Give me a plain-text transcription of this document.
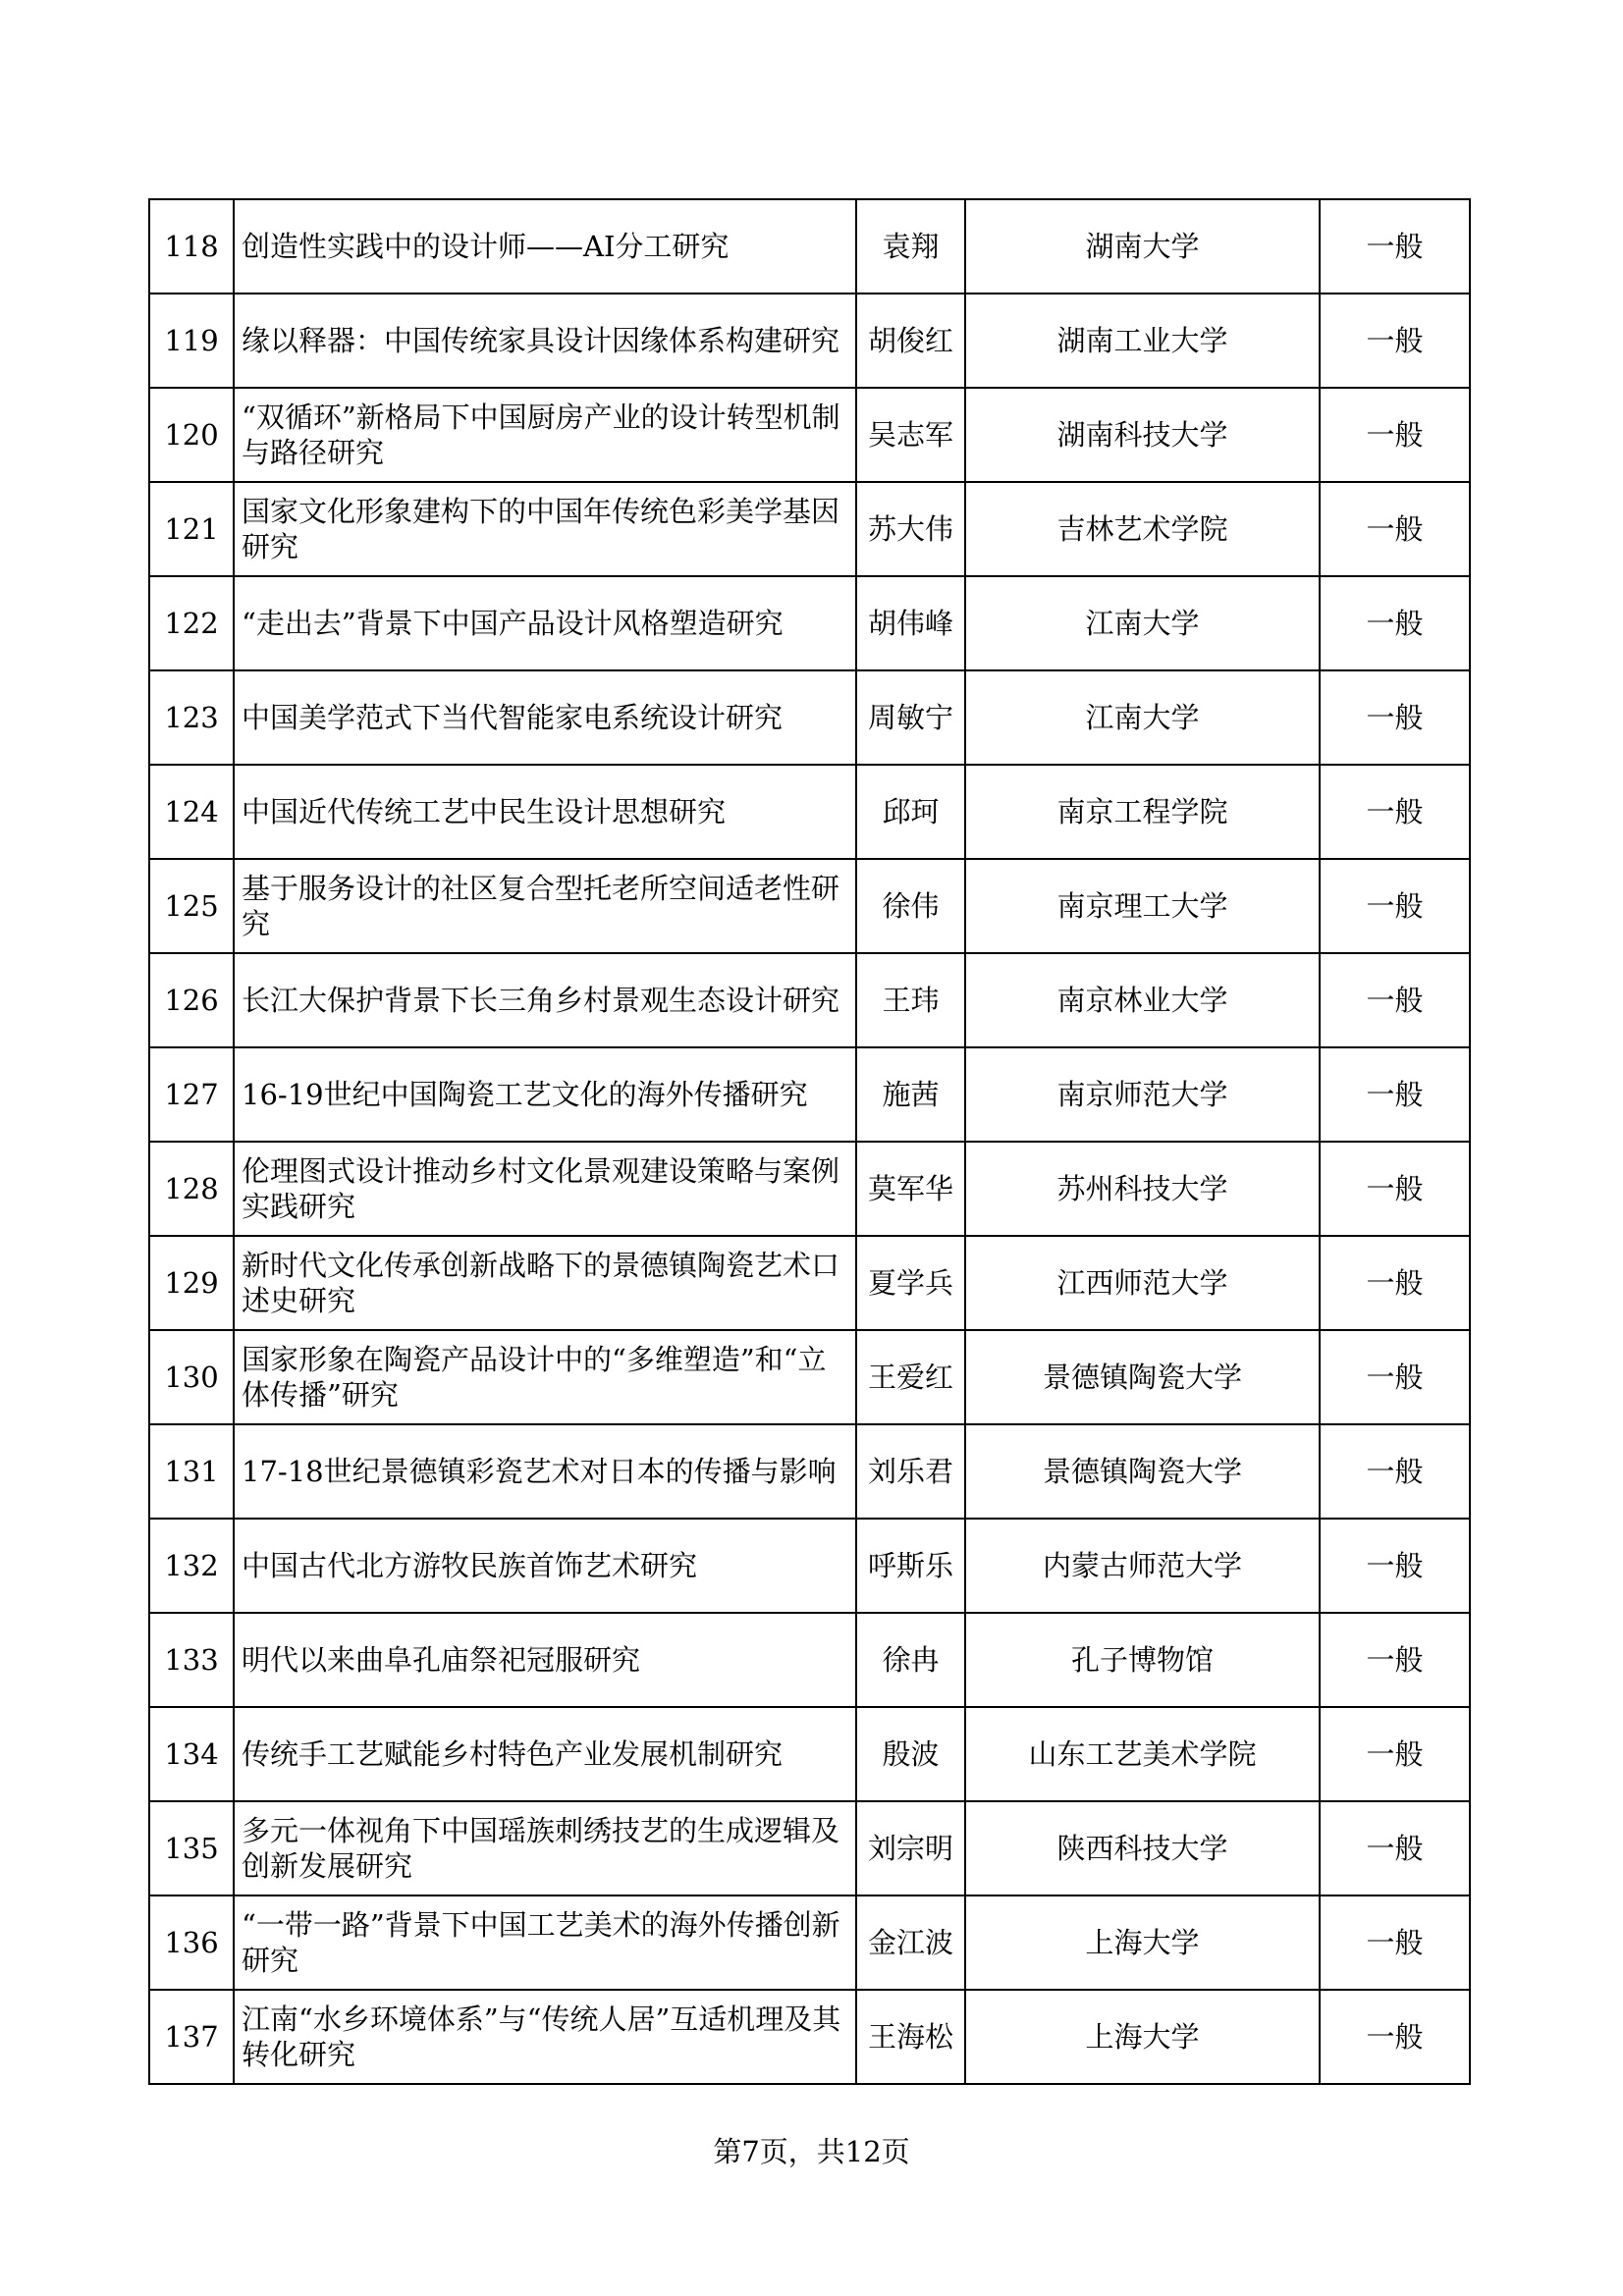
118	创造性实践中的设计师——AI分工研究	袁翔	湖南大学	一般
119	缘以释器：中国传统家具设计因缘体系构建研究	胡俊红	湖南工业大学	一般
120	“双循环”新格局下中国厨房产业的设计转型机制与路径研究	吴志军	湖南科技大学	一般
121	国家文化形象建构下的中国年传统色彩美学基因研究	苏大伟	吉林艺术学院	一般
122	“走出去”背景下中国产品设计风格塑造研究	胡伟峰	江南大学	一般
123	中国美学范式下当代智能家电系统设计研究	周敏宁	江南大学	一般
124	中国近代传统工艺中民生设计思想研究	邱珂	南京工程学院	一般
125	基于服务设计的社区复合型托老所空间适老性研究	徐伟	南京理工大学	一般
126	长江大保护背景下长三角乡村景观生态设计研究	王玮	南京林业大学	一般
127	16-19世纪中国陶瓷工艺文化的海外传播研究	施茜	南京师范大学	一般
128	伦理图式设计推动乡村文化景观建设策略与案例实践研究	莫军华	苏州科技大学	一般
129	新时代文化传承创新战略下的景德镇陶瓷艺术口述史研究	夏学兵	江西师范大学	一般
130	国家形象在陶瓷产品设计中的“多维塑造”和“立体传播”研究	王爱红	景德镇陶瓷大学	一般
131	17-18世纪景德镇彩瓷艺术对日本的传播与影响	刘乐君	景德镇陶瓷大学	一般
132	中国古代北方游牧民族首饰艺术研究	呼斯乐	内蒙古师范大学	一般
133	明代以来曲阜孔庙祭祀冠服研究	徐冉	孔子博物馆	一般
134	传统手工艺赋能乡村特色产业发展机制研究	殷波	山东工艺美术学院	一般
135	多元一体视角下中国瑶族刺绣技艺的生成逻辑及创新发展研究	刘宗明	陕西科技大学	一般
136	“一带一路”背景下中国工艺美术的海外传播创新研究	金江波	上海大学	一般
137	江南“水乡环境体系”与“传统人居”互适机理及其转化研究	王海松	上海大学	一般
第7页，共12页
